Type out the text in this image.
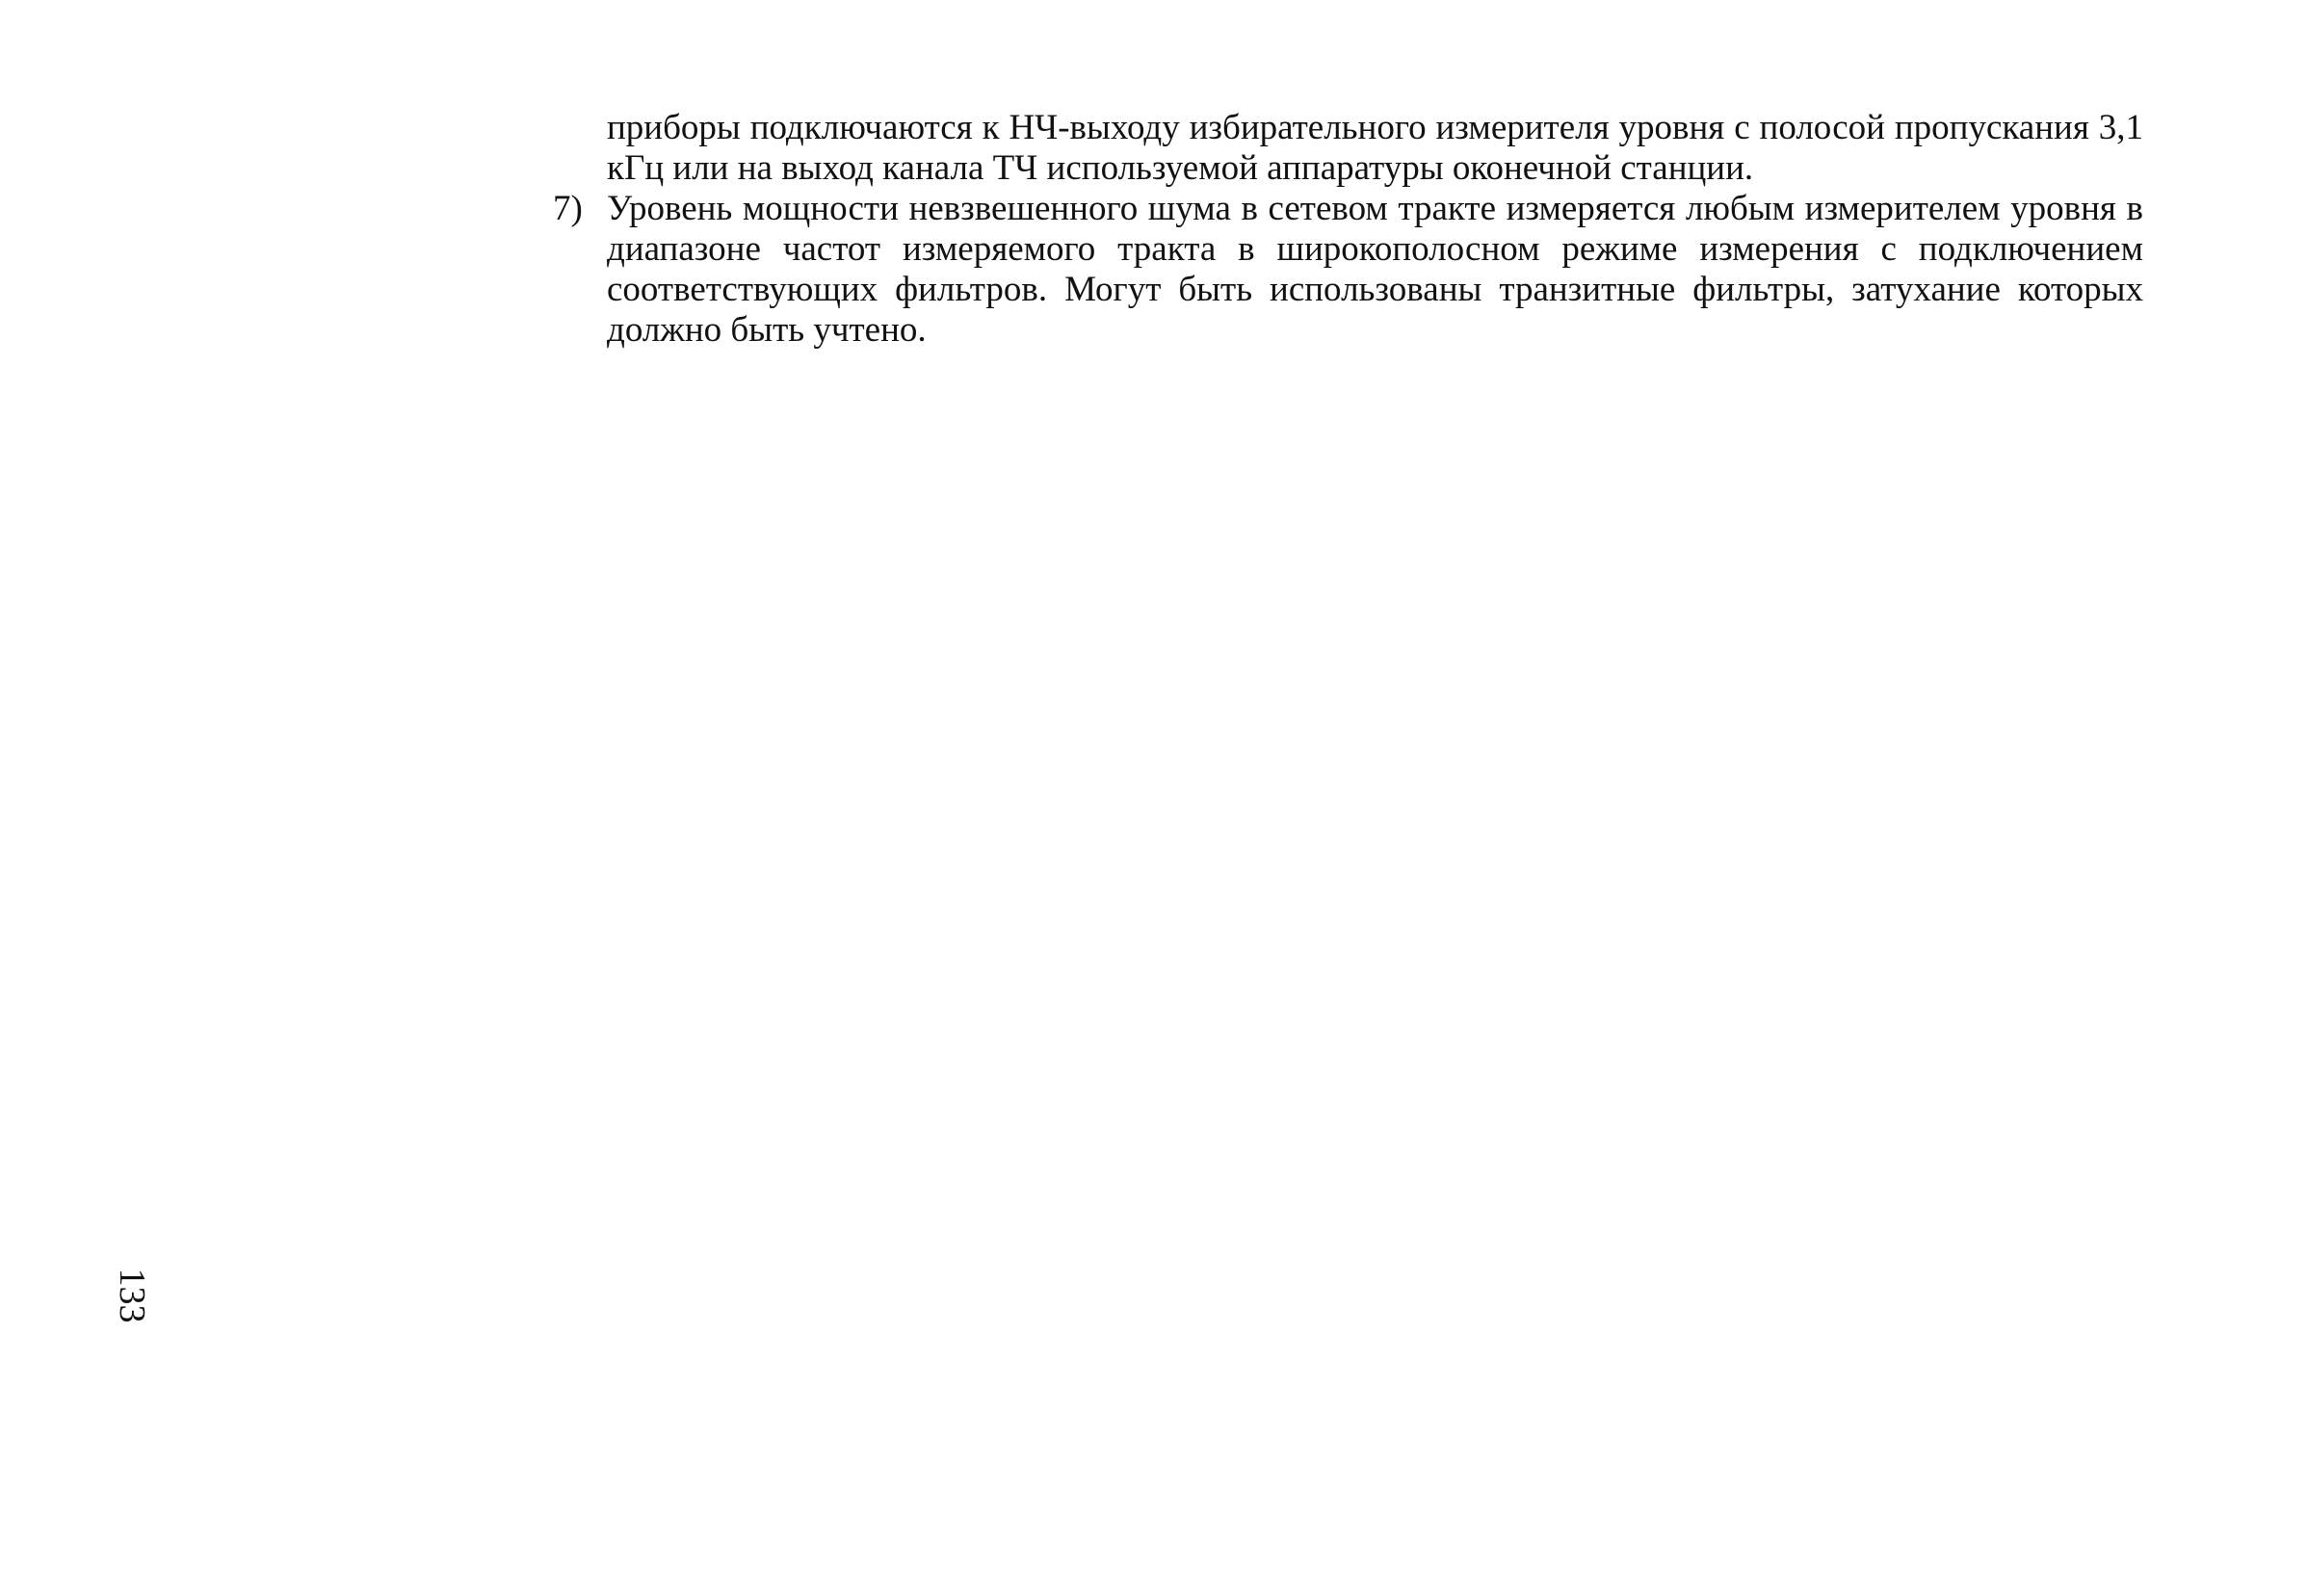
приборы подключаются к НЧ-выходу избирательного измерителя уровня с полосой пропускания 3,1 кГц или на выход канала ТЧ используемой аппаратуры оконечной станции.

7) Уровень мощности невзвешенного шума в сетевом тракте измеряется любым измерителем уровня в диапазоне частот измеряемого тракта в широкополосном режиме измерения с подключением соответствующих фильтров. Могут быть использованы транзитные фильтры, затухание которых должно быть учтено.

133
